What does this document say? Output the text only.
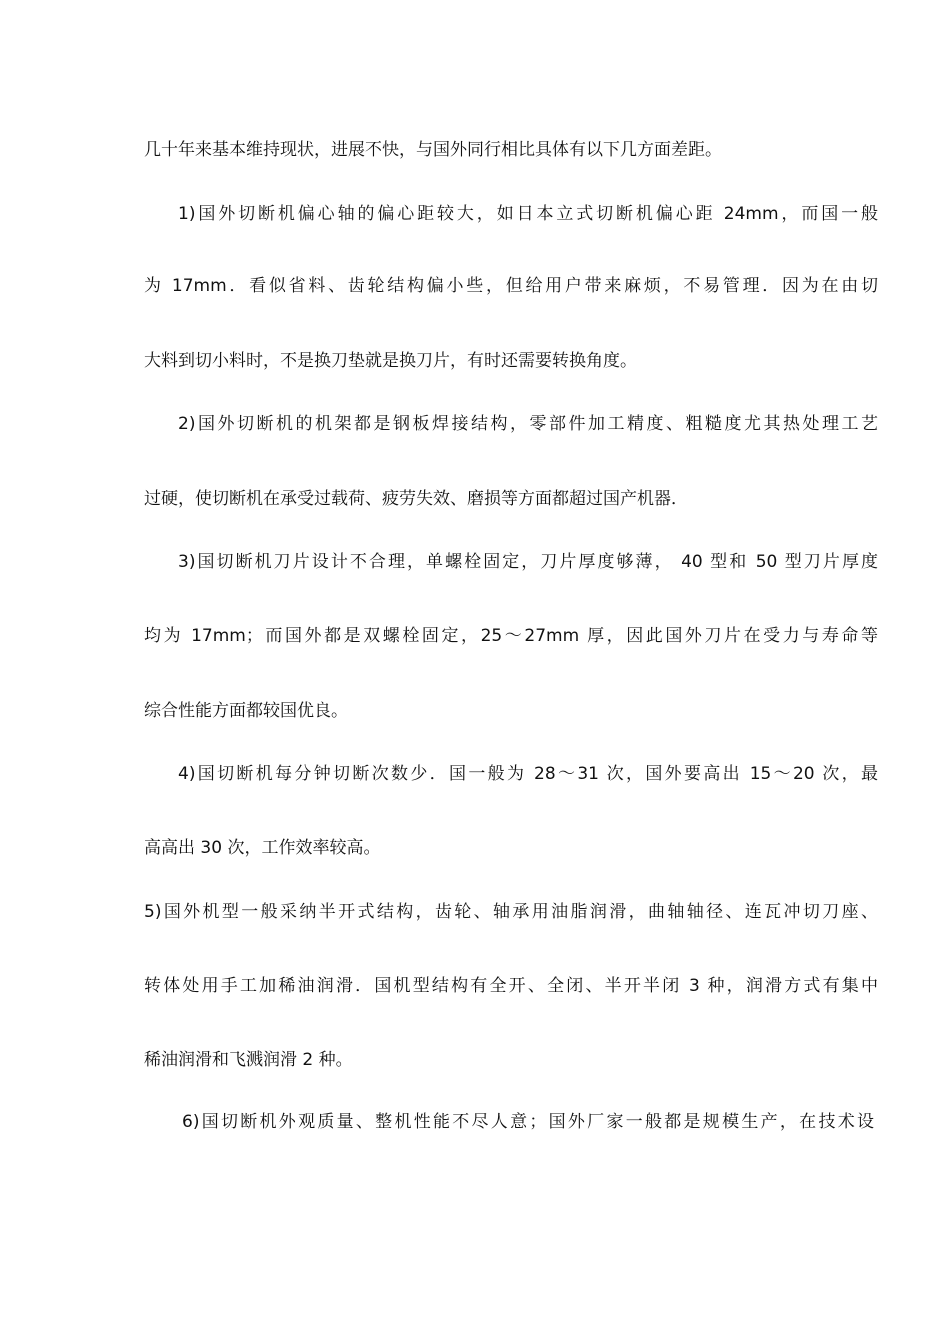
几十年来基本维持现状，进展不快，与国外同行相比具体有以下几方面差距。
1)国外切断机偏心轴的偏心距较大，如日本立式切断机偏心距 24mm，而国一般
为 17mm．看似省料、齿轮结构偏小些，但给用户带来麻烦，不易管理．因为在由切
大料到切小料时，不是换刀垫就是换刀片，有时还需要转换角度。
2)国外切断机的机架都是钢板焊接结构，零部件加工精度、粗糙度尤其热处理工艺
过硬，使切断机在承受过载荷、疲劳失效、磨损等方面都超过国产机器．
3)国切断机刀片设计不合理，单螺栓固定，刀片厚度够薄， 40 型和 50 型刀片厚度
均为 17mm；而国外都是双螺栓固定，25～27mm 厚，因此国外刀片在受力与寿命等
综合性能方面都较国优良。
4)国切断机每分钟切断次数少．国一般为 28～31 次，国外要高出 15～20 次，最
高高出 30 次，工作效率较高。
5)国外机型一般采纳半开式结构，齿轮、轴承用油脂润滑，曲轴轴径、连瓦冲切刀座、
转体处用手工加稀油润滑．国机型结构有全开、全闭、半开半闭 3 种，润滑方式有集中
稀油润滑和飞溅润滑 2 种。
6)国切断机外观质量、整机性能不尽人意；国外厂家一般都是规模生产，在技术设
